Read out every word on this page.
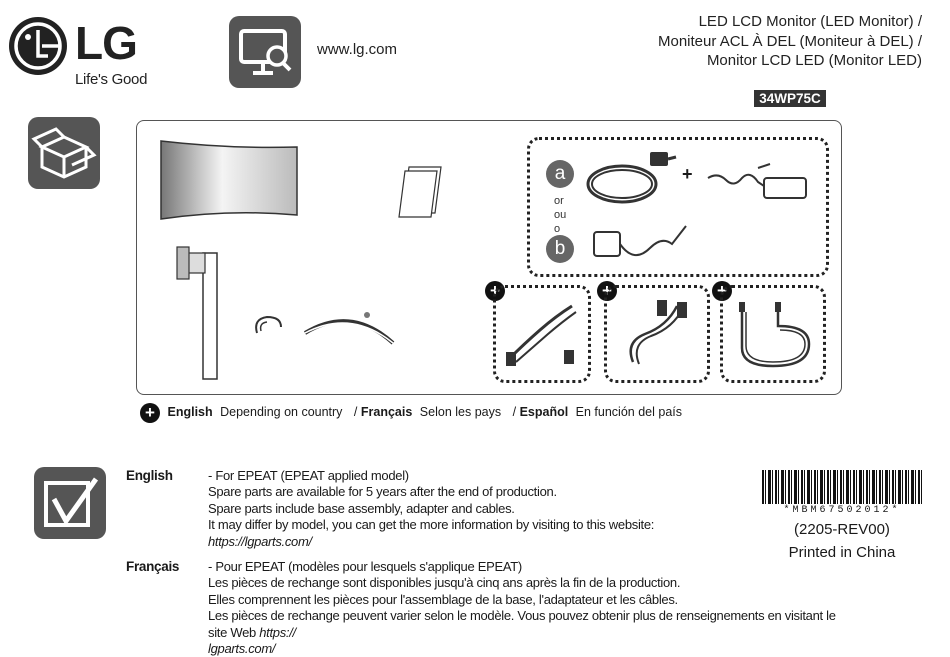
LG
Life's Good
www.lg.com
LED LCD Monitor (LED Monitor) /
Moniteur ACL À DEL (Moniteur à DEL) /
Monitor LCD LED (Monitor LED)
34WP75C
a
or
ou
o
b
+
+	+	+
+ English Depending on country / Français Selon les pays / Español En función del país
English	- For EPEAT (EPEAT applied model)

Spare parts are available for 5 years after the end of production.

Spare parts include base assembly, adapter and cables.

It may differ by model, you can get the more information by visiting to this website:

https://lgparts.com/

Français - Pour EPEAT (modèles pour lesquels s'applique EPEAT)

Les pièces de rechange sont disponibles jusqu'à cinq ans après la fin de la production.

Elles comprennent les pièces pour l'assemblage de la base, l'adaptateur et les câbles.

Les pièces de rechange peuvent varier selon le modèle. Vous pouvez obtenir plus de renseignements en visitant le site Web https://

lgparts.com/

*MBM67502012*
(2205-REV00)
Printed in China
